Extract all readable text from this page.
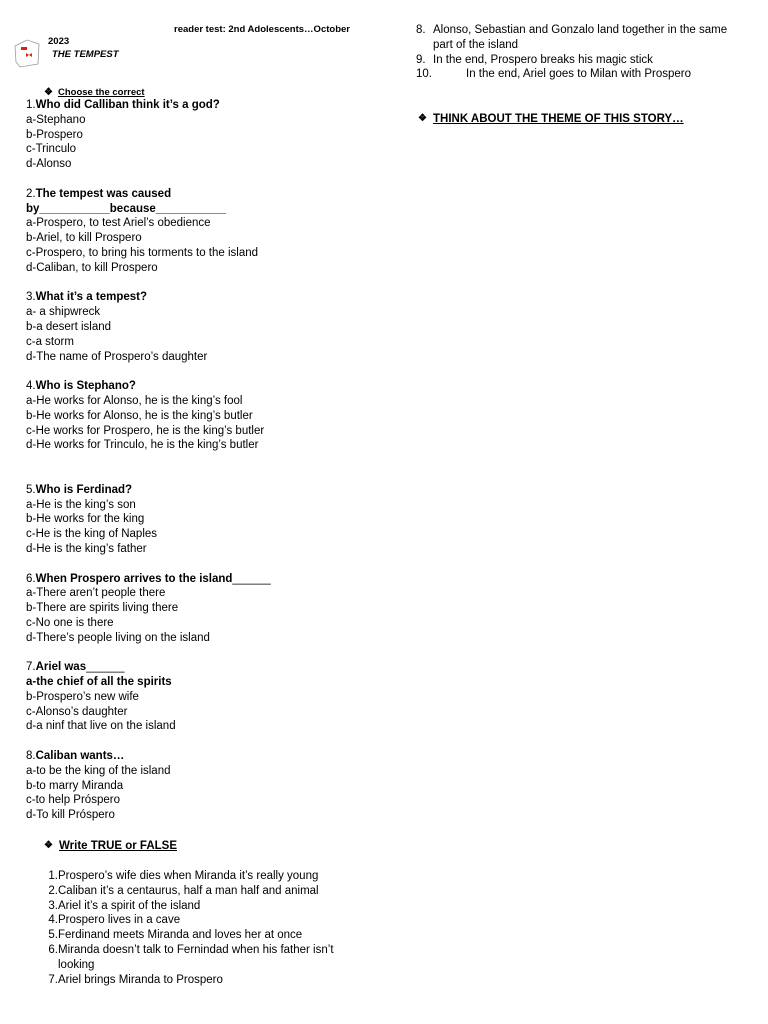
reader test: 2nd Adolescents…October
2023
THE TEMPEST
❖ Choose the correct
1.Who did Calliban think it’s a god?
a-Stephano
b-Prospero
c-Trinculo
d-Alonso
2.The tempest was caused
by___________because___________
a-Prospero, to test Ariel’s obedience
b-Ariel, to kill Prospero
c-Prospero, to bring his torments to the island
d-Caliban, to kill Prospero
3.What it’s a tempest?
a- a shipwreck
b-a desert island
c-a storm
d-The name of Prospero’s daughter
4.Who is Stephano?
a-He works for Alonso, he is the king’s fool
b-He works for Alonso, he is the king’s butler
c-He works for Prospero, he is the king’s butler
d-He works for Trinculo, he is the king’s butler
5.Who is Ferdinad?
a-He is the king’s son
b-He works for the king
c-He is the king of Naples
d-He is the king’s father
6.When Prospero arrives to the island______
a-There aren’t people there
b-There are spirits living there
c-No one is there
d-There’s people living on the island
7.Ariel was______
a-the chief of all the spirits
b-Prospero’s new wife
c-Alonso’s daughter
d-a ninf that live on the island
8.Caliban wants…
a-to be the king of the island
b-to marry Miranda
c-to help Próspero
d-To kill Próspero
❖ Write TRUE or FALSE
1. Prospero’s wife dies when Miranda it’s really young
2. Caliban it’s a centaurus, half a man half and animal
3. Ariel it’s a spirit of the island
4. Prospero lives in a cave
5. Ferdinand meets Miranda and loves her at once
6. Miranda doesn’t talk to Fernindad when his father isn’t
looking
7. Ariel brings Miranda to Prospero
8. Alonso, Sebastian and Gonzalo land together in the same
part of the island
9. In the end, Prospero breaks his magic stick
10.	In the end, Ariel goes to Milan with Prospero
❖ THINK ABOUT THE THEME OF THIS STORY…
